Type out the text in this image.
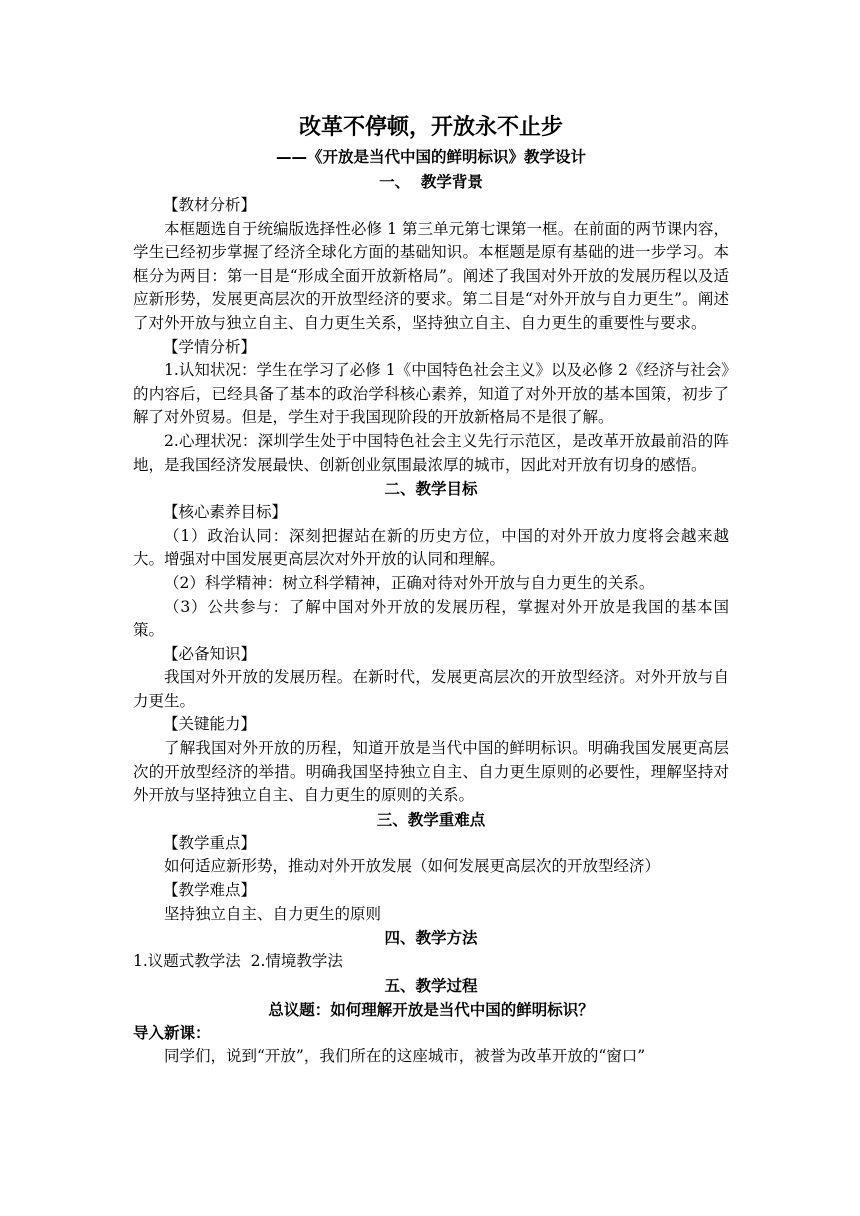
改革不停顿，开放永不止步

——《开放是当代中国的鲜明标识》教学设计

一、  教学背景

【教材分析】

本框题选自于统编版选择性必修 1 第三单元第七课第一框。在前面的两节课内容，学生已经初步掌握了经济全球化方面的基础知识。本框题是原有基础的进一步学习。本框分为两目：第一目是“形成全面开放新格局”。阐述了我国对外开放的发展历程以及适应新形势，发展更高层次的开放型经济的要求。第二目是“对外开放与自力更生”。阐述了对外开放与独立自主、自力更生关系，坚持独立自主、自力更生的重要性与要求。

【学情分析】

1.认知状况：学生在学习了必修 1《中国特色社会主义》以及必修 2《经济与社会》的内容后，已经具备了基本的政治学科核心素养，知道了对外开放的基本国策，初步了解了对外贸易。但是，学生对于我国现阶段的开放新格局不是很了解。

2.心理状况：深圳学生处于中国特色社会主义先行示范区，是改革开放最前沿的阵地，是我国经济发展最快、创新创业氛围最浓厚的城市，因此对开放有切身的感悟。

二、教学目标

【核心素养目标】

（1）政治认同：深刻把握站在新的历史方位，中国的对外开放力度将会越来越大。增强对中国发展更高层次对外开放的认同和理解。

（2）科学精神：树立科学精神，正确对待对外开放与自力更生的关系。

（3）公共参与：了解中国对外开放的发展历程，掌握对外开放是我国的基本国策。

【必备知识】

我国对外开放的发展历程。在新时代，发展更高层次的开放型经济。对外开放与自力更生。

【关键能力】

了解我国对外开放的历程，知道开放是当代中国的鲜明标识。明确我国发展更高层次的开放型经济的举措。明确我国坚持独立自主、自力更生原则的必要性，理解坚持对外开放与坚持独立自主、自力更生的原则的关系。

三、教学重难点

【教学重点】

如何适应新形势，推动对外开放发展（如何发展更高层次的开放型经济）

【教学难点】

坚持独立自主、自力更生的原则

四、教学方法

1.议题式教学法  2.情境教学法

五、教学过程

总议题：如何理解开放是当代中国的鲜明标识？

导入新课：

同学们，说到“开放”，我们所在的这座城市，被誉为改革开放的“窗口”
